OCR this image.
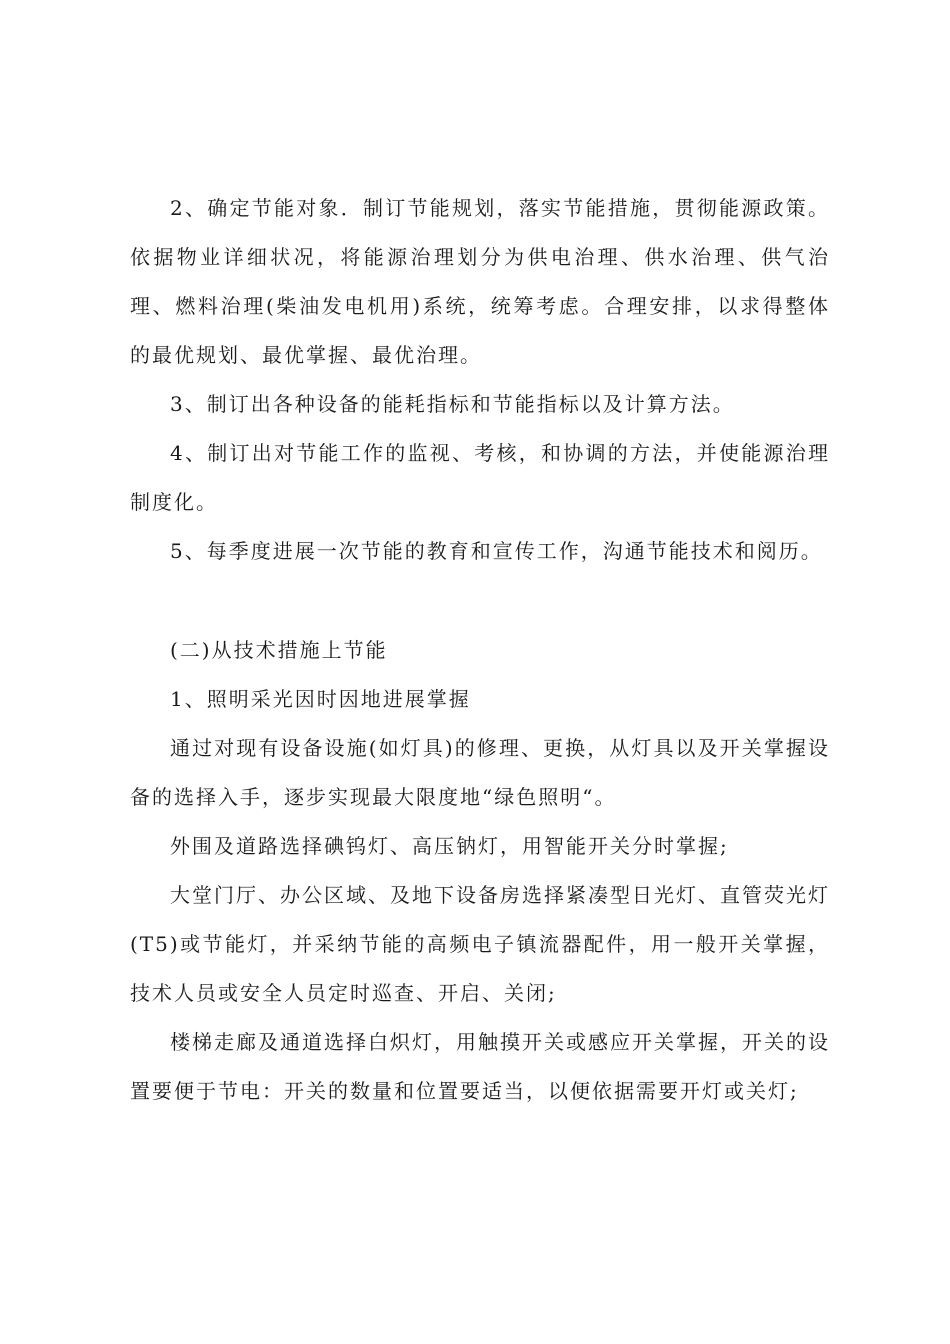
2、确定节能对象．制订节能规划，落实节能措施，贯彻能源政策。依据物业详细状况，将能源治理划分为供电治理、供水治理、供气治理、燃料治理(柴油发电机用)系统，统筹考虑。合理安排，以求得整体的最优规划、最优掌握、最优治理。

3、制订出各种设备的能耗指标和节能指标以及计算方法。

4、制订出对节能工作的监视、考核，和协调的方法，并使能源治理制度化。

5、每季度进展一次节能的教育和宣传工作，沟通节能技术和阅历。

(二)从技术措施上节能

1、照明采光因时因地进展掌握

通过对现有设备设施(如灯具)的修理、更换，从灯具以及开关掌握设备的选择入手，逐步实现最大限度地“绿色照明“。

外围及道路选择碘钨灯、高压钠灯，用智能开关分时掌握;

大堂门厅、办公区域、及地下设备房选择紧凑型日光灯、直管荧光灯(T5)或节能灯，并采纳节能的高频电子镇流器配件，用一般开关掌握，技术人员或安全人员定时巡查、开启、关闭;

楼梯走廊及通道选择白炽灯，用触摸开关或感应开关掌握，开关的设置要便于节电：开关的数量和位置要适当，以便依据需要开灯或关灯;
